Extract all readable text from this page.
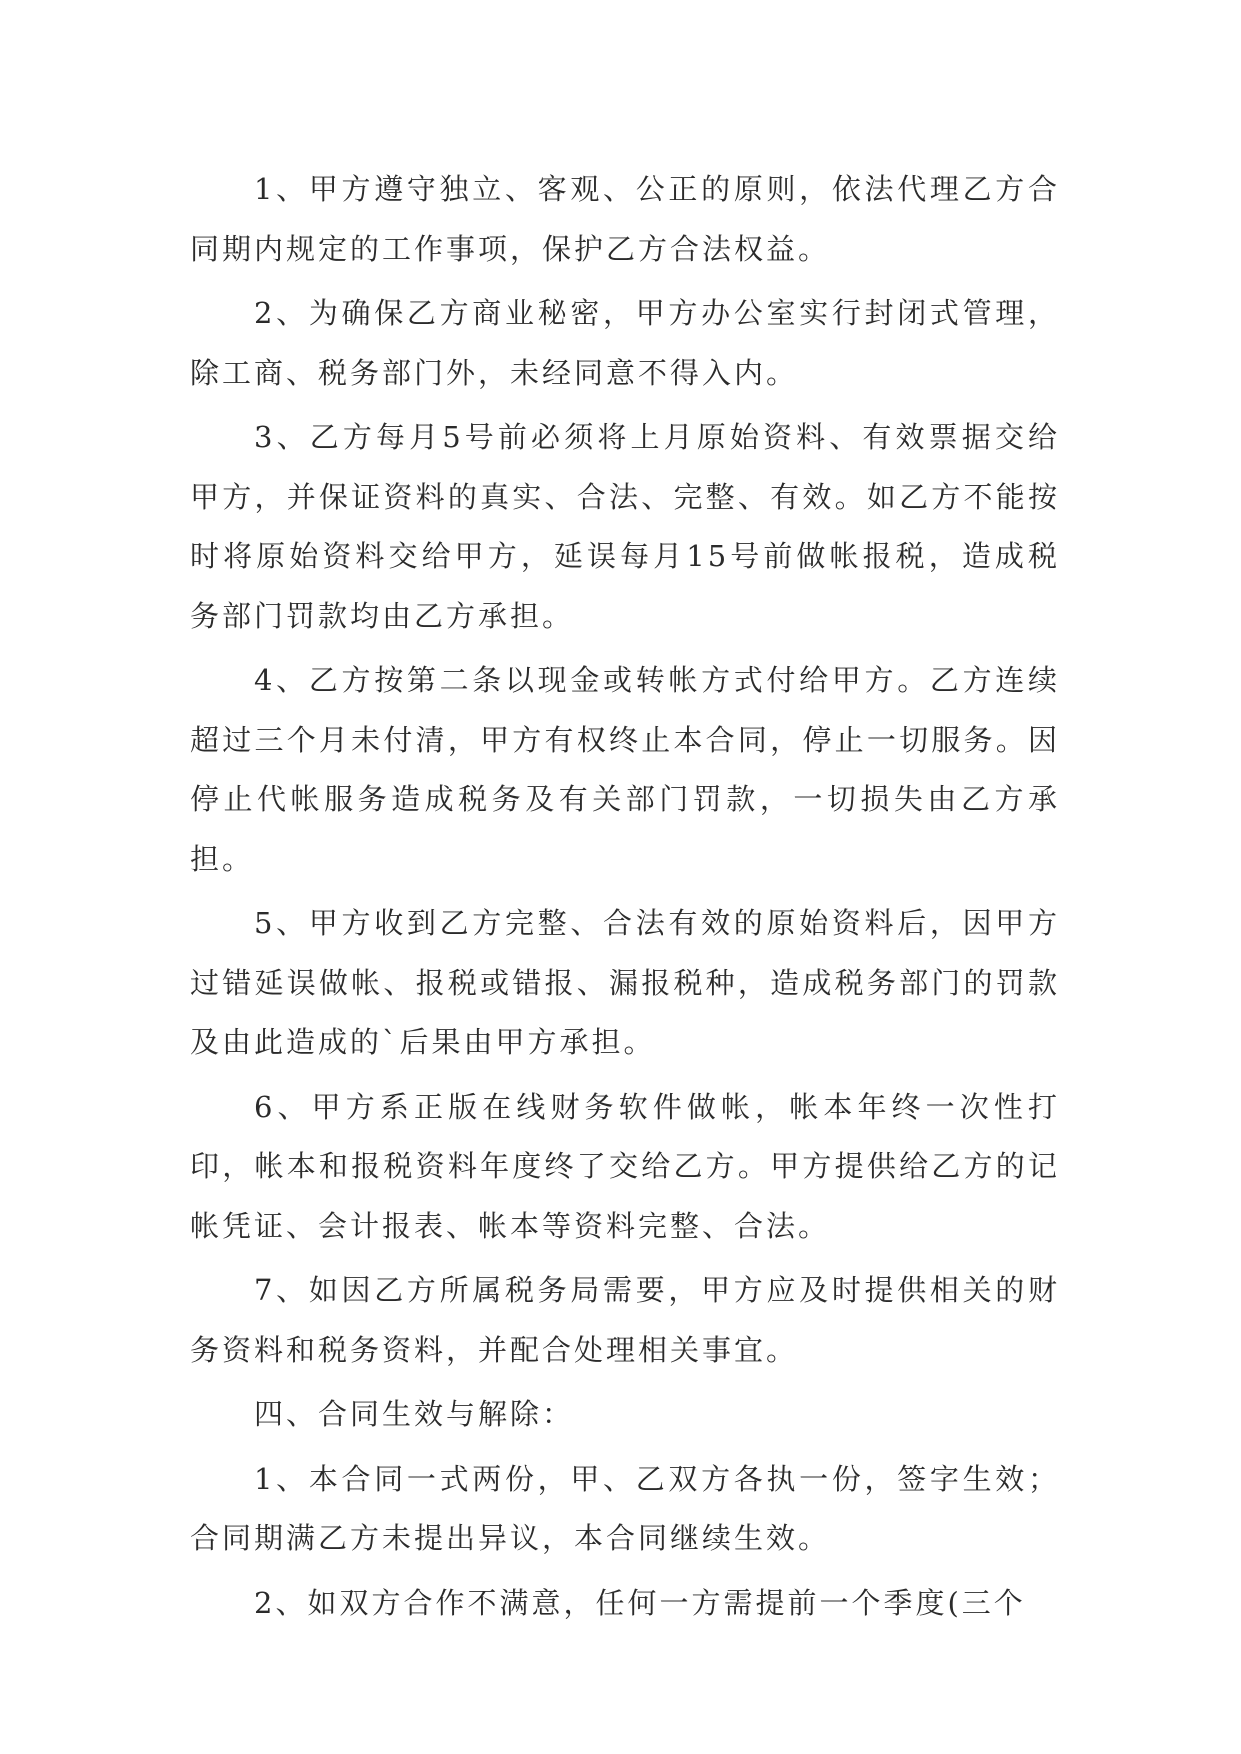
1、甲方遵守独立、客观、公正的原则，依法代理乙方合同期内规定的工作事项，保护乙方合法权益。

2、为确保乙方商业秘密，甲方办公室实行封闭式管理，除工商、税务部门外，未经同意不得入内。

3、乙方每月5号前必须将上月原始资料、有效票据交给甲方，并保证资料的真实、合法、完整、有效。如乙方不能按时将原始资料交给甲方，延误每月15号前做帐报税，造成税务部门罚款均由乙方承担。

4、乙方按第二条以现金或转帐方式付给甲方。乙方连续超过三个月未付清，甲方有权终止本合同，停止一切服务。因停止代帐服务造成税务及有关部门罚款，一切损失由乙方承担。

5、甲方收到乙方完整、合法有效的原始资料后，因甲方过错延误做帐、报税或错报、漏报税种，造成税务部门的罚款及由此造成的`后果由甲方承担。

6、甲方系正版在线财务软件做帐，帐本年终一次性打印，帐本和报税资料年度终了交给乙方。甲方提供给乙方的记帐凭证、会计报表、帐本等资料完整、合法。

7、如因乙方所属税务局需要，甲方应及时提供相关的财务资料和税务资料，并配合处理相关事宜。

四、合同生效与解除：

1、本合同一式两份，甲、乙双方各执一份，签字生效；合同期满乙方未提出异议，本合同继续生效。

2、如双方合作不满意，任何一方需提前一个季度(三个
